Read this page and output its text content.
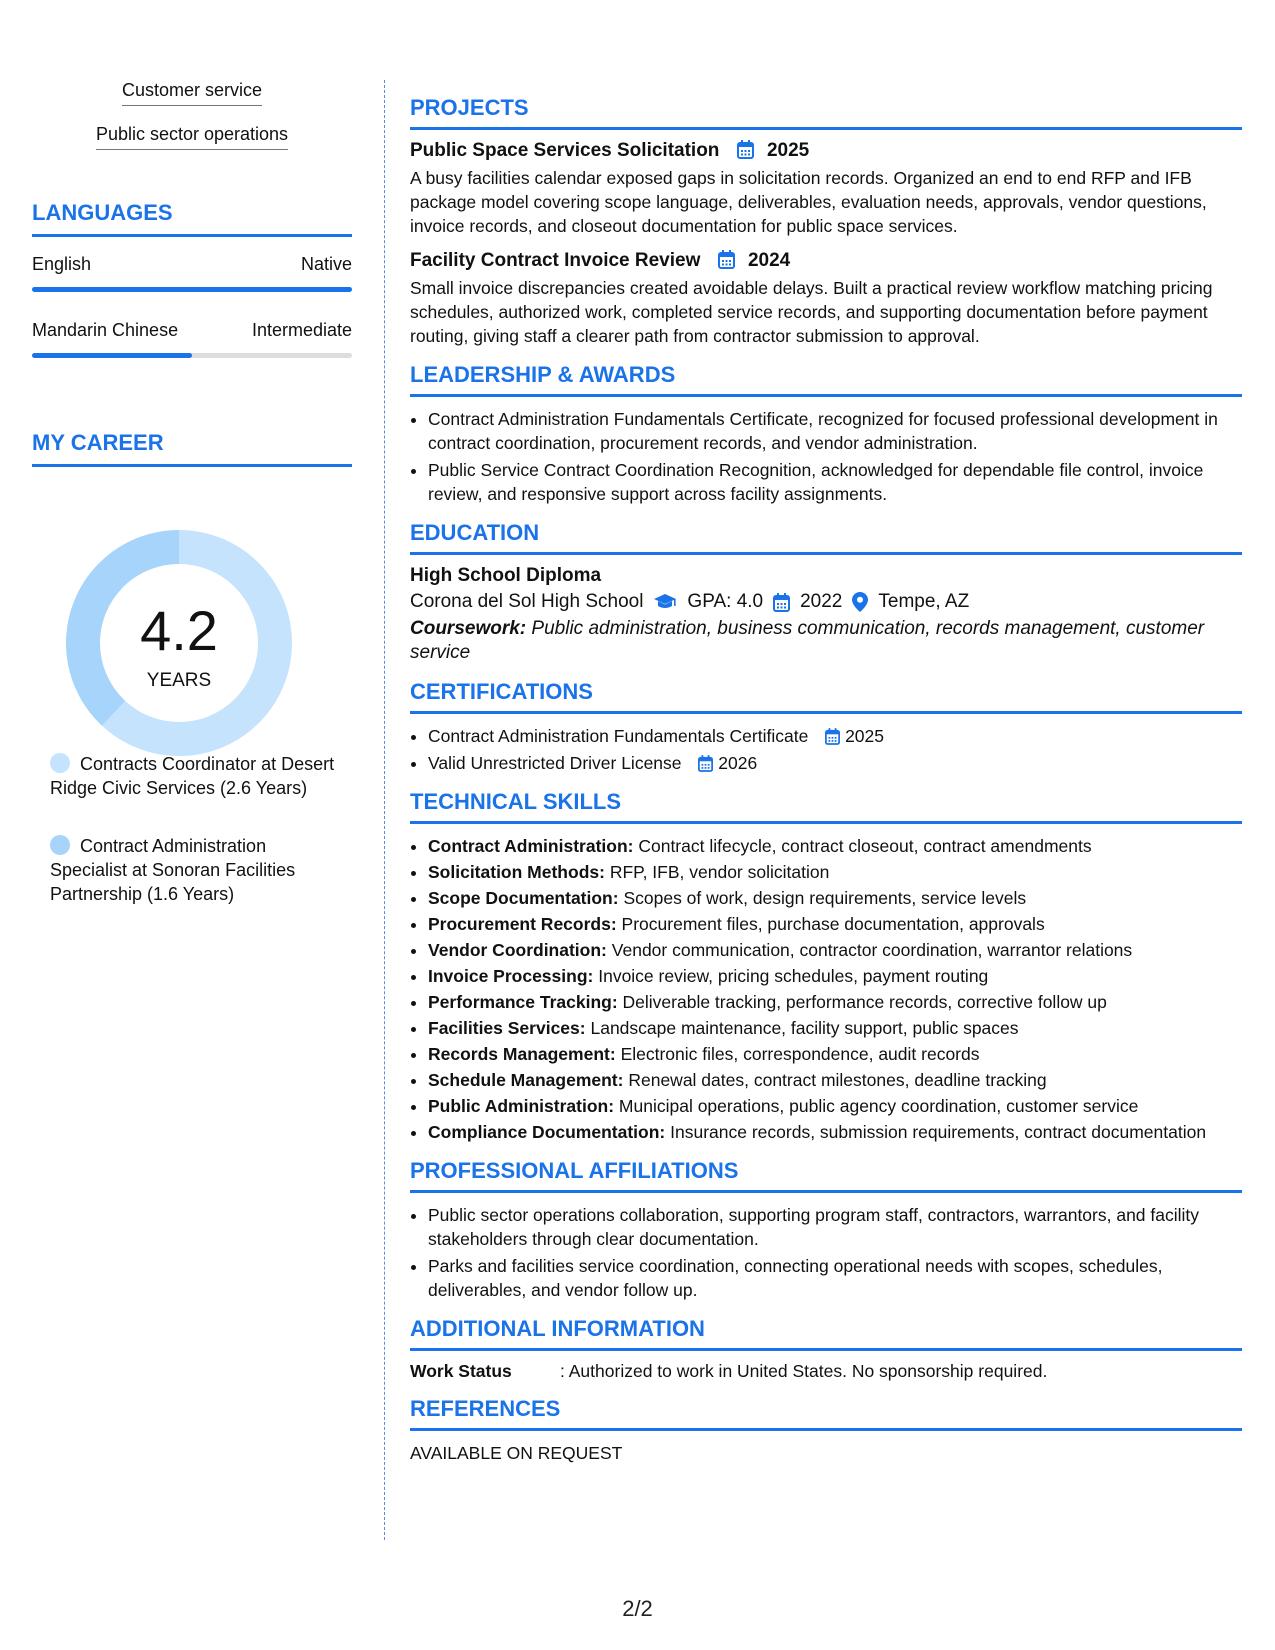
Customer service
Public sector operations
LANGUAGES
English	Native
Mandarin Chinese	Intermediate
MY CAREER
4.2
YEARS
Contracts Coordinator at Desert Ridge Civic Services (2.6 Years)
Contract Administration Specialist at Sonoran Facilities Partnership (1.6 Years)
PROJECTS
Public Space Services Solicitation	2025

A busy facilities calendar exposed gaps in solicitation records. Organized an end to end RFP and IFB package model covering scope language, deliverables, evaluation needs, approvals, vendor questions, invoice records, and closeout documentation for public space services.

Facility Contract Invoice Review	2024

Small invoice discrepancies created avoidable delays. Built a practical review workflow matching pricing schedules, authorized work, completed service records, and supporting documentation before payment routing, giving staff a clearer path from contractor submission to approval.

LEADERSHIP & AWARDS
• Contract Administration Fundamentals Certificate, recognized for focused professional development in contract coordination, procurement records, and vendor administration.
• Public Service Contract Coordination Recognition, acknowledged for dependable file control, invoice review, and responsive support across facility assignments.
EDUCATION
High School Diploma
Corona del Sol High School GPA: 4.0 2022 Tempe, AZ

Coursework: Public administration, business communication, records management, customer service

CERTIFICATIONS
• Contract Administration Fundamentals Certificate 2025
• Valid Unrestricted Driver License 2026
TECHNICAL SKILLS
• Contract Administration: Contract lifecycle, contract closeout, contract amendments
• Solicitation Methods: RFP, IFB, vendor solicitation
• Scope Documentation: Scopes of work, design requirements, service levels
• Procurement Records: Procurement files, purchase documentation, approvals
• Vendor Coordination: Vendor communication, contractor coordination, warrantor relations
• Invoice Processing: Invoice review, pricing schedules, payment routing
• Performance Tracking: Deliverable tracking, performance records, corrective follow up
• Facilities Services: Landscape maintenance, facility support, public spaces
• Records Management: Electronic files, correspondence, audit records
• Schedule Management: Renewal dates, contract milestones, deadline tracking
• Public Administration: Municipal operations, public agency coordination, customer service
• Compliance Documentation: Insurance records, submission requirements, contract documentation
PROFESSIONAL AFFILIATIONS
• Public sector operations collaboration, supporting program staff, contractors, warrantors, and facility stakeholders through clear documentation.
• Parks and facilities service coordination, connecting operational needs with scopes, schedules, deliverables, and vendor follow up.
ADDITIONAL INFORMATION
Work Status	: Authorized to work in United States. No sponsorship required.
REFERENCES
AVAILABLE ON REQUEST
2/2
